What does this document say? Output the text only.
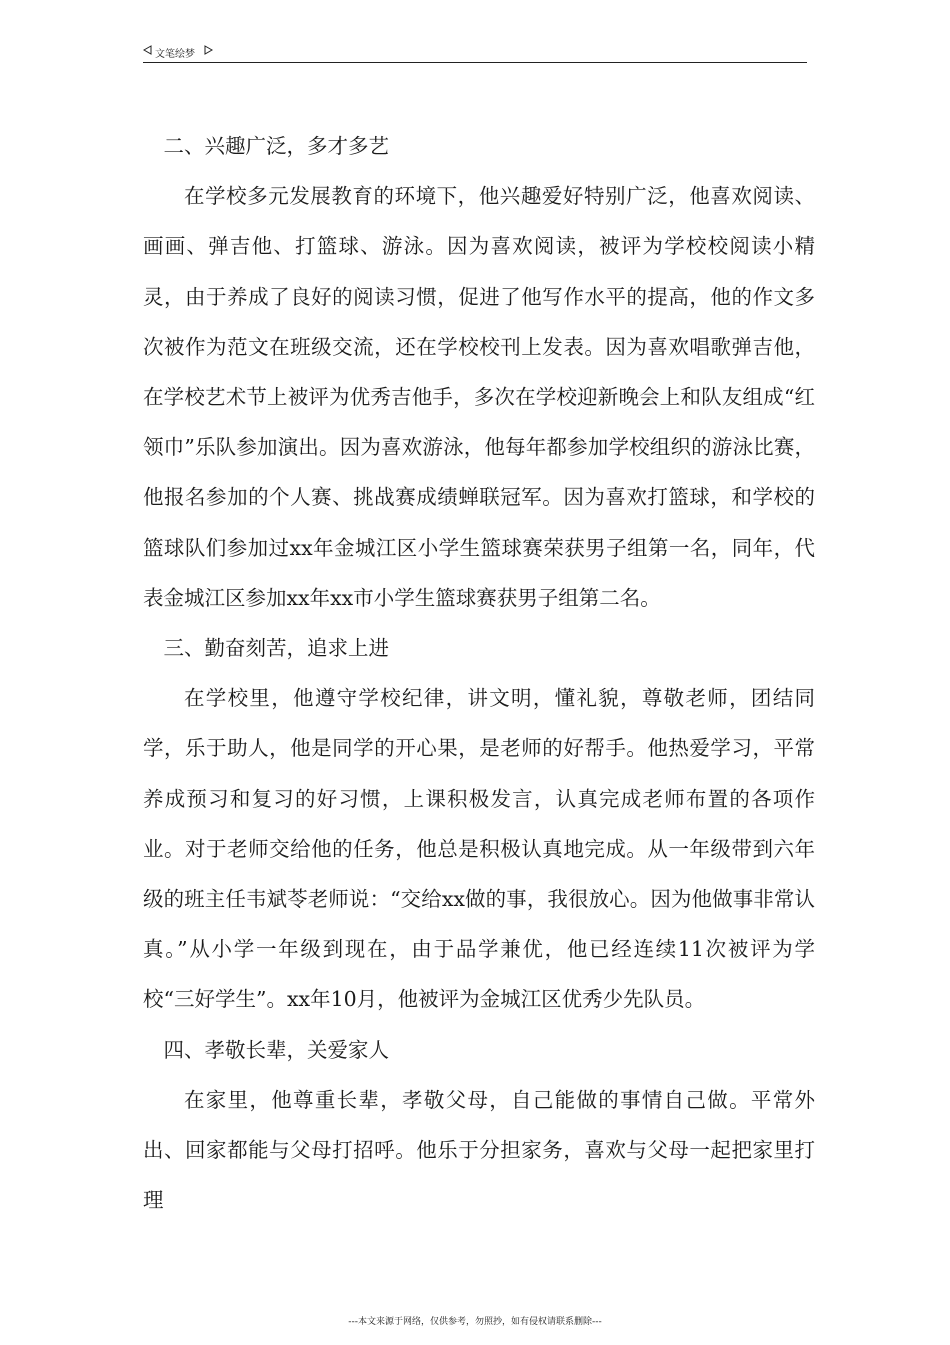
文笔绘梦

二、兴趣广泛，多才多艺

在学校多元发展教育的环境下，他兴趣爱好特别广泛，他喜欢阅读、画画、弹吉他、打篮球、游泳。因为喜欢阅读，被评为学校校阅读小精灵，由于养成了良好的阅读习惯，促进了他写作水平的提高，他的作文多次被作为范文在班级交流，还在学校校刊上发表。因为喜欢唱歌弹吉他，在学校艺术节上被评为优秀吉他手，多次在学校迎新晚会上和队友组成“红领巾”乐队参加演出。因为喜欢游泳，他每年都参加学校组织的游泳比赛，他报名参加的个人赛、挑战赛成绩蝉联冠军。因为喜欢打篮球，和学校的篮球队们参加过xx年金城江区小学生篮球赛荣获男子组第一名，同年，代表金城江区参加xx年xx市小学生篮球赛获男子组第二名。

三、勤奋刻苦，追求上进

在学校里，他遵守学校纪律，讲文明，懂礼貌，尊敬老师，团结同学，乐于助人，他是同学的开心果，是老师的好帮手。他热爱学习，平常养成预习和复习的好习惯，上课积极发言，认真完成老师布置的各项作业。对于老师交给他的任务，他总是积极认真地完成。从一年级带到六年级的班主任韦斌苓老师说：“交给xx做的事，我很放心。因为他做事非常认真。”从小学一年级到现在，由于品学兼优，他已经连续11次被评为学校“三好学生”。xx年10月，他被评为金城江区优秀少先队员。

四、孝敬长辈，关爱家人

在家里，他尊重长辈，孝敬父母，自己能做的事情自己做。平常外出、回家都能与父母打招呼。他乐于分担家务，喜欢与父母一起把家里打理

---本文来源于网络，仅供参考，勿照抄，如有侵权请联系删除---
